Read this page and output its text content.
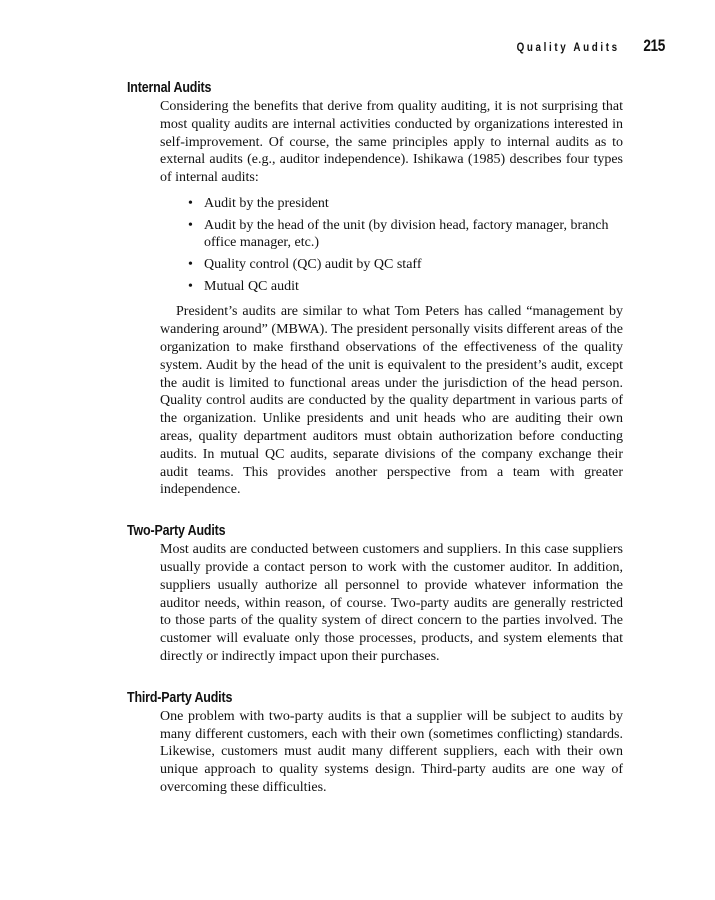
Quality Audits 215
Internal Audits

Considering the benefits that derive from quality auditing, it is not surprising that most quality audits are internal activities conducted by organizations interested in self-improvement. Of course, the same principles apply to internal audits as to external audits (e.g., auditor independence). Ishikawa (1985) describes four types of internal audits:

• Audit by the president
• Audit by the head of the unit (by division head, factory manager, branch office manager, etc.)
• Quality control (QC) audit by QC staff
• Mutual QC audit

President’s audits are similar to what Tom Peters has called “management by wandering around” (MBWA). The president personally visits different areas of the organization to make firsthand observations of the effectiveness of the quality system. Audit by the head of the unit is equivalent to the president’s audit, except the audit is limited to functional areas under the jurisdiction of the head person. Quality control audits are conducted by the quality department in various parts of the organization. Unlike presidents and unit heads who are auditing their own areas, quality department auditors must obtain authorization before conducting audits. In mutual QC audits, separate divisions of the company exchange their audit teams. This provides another perspective from a team with greater independence.

Two-Party Audits

Most audits are conducted between customers and suppliers. In this case suppliers usually provide a contact person to work with the customer auditor. In addition, suppliers usually authorize all personnel to provide whatever information the auditor needs, within reason, of course. Two-party audits are generally restricted to those parts of the quality system of direct concern to the parties involved. The customer will evaluate only those processes, products, and system elements that directly or indirectly impact upon their purchases.

Third-Party Audits

One problem with two-party audits is that a supplier will be subject to audits by many different customers, each with their own (sometimes conflicting) standards. Likewise, customers must audit many different suppliers, each with their own unique approach to quality systems design. Third-party audits are one way of overcoming these difficulties.
